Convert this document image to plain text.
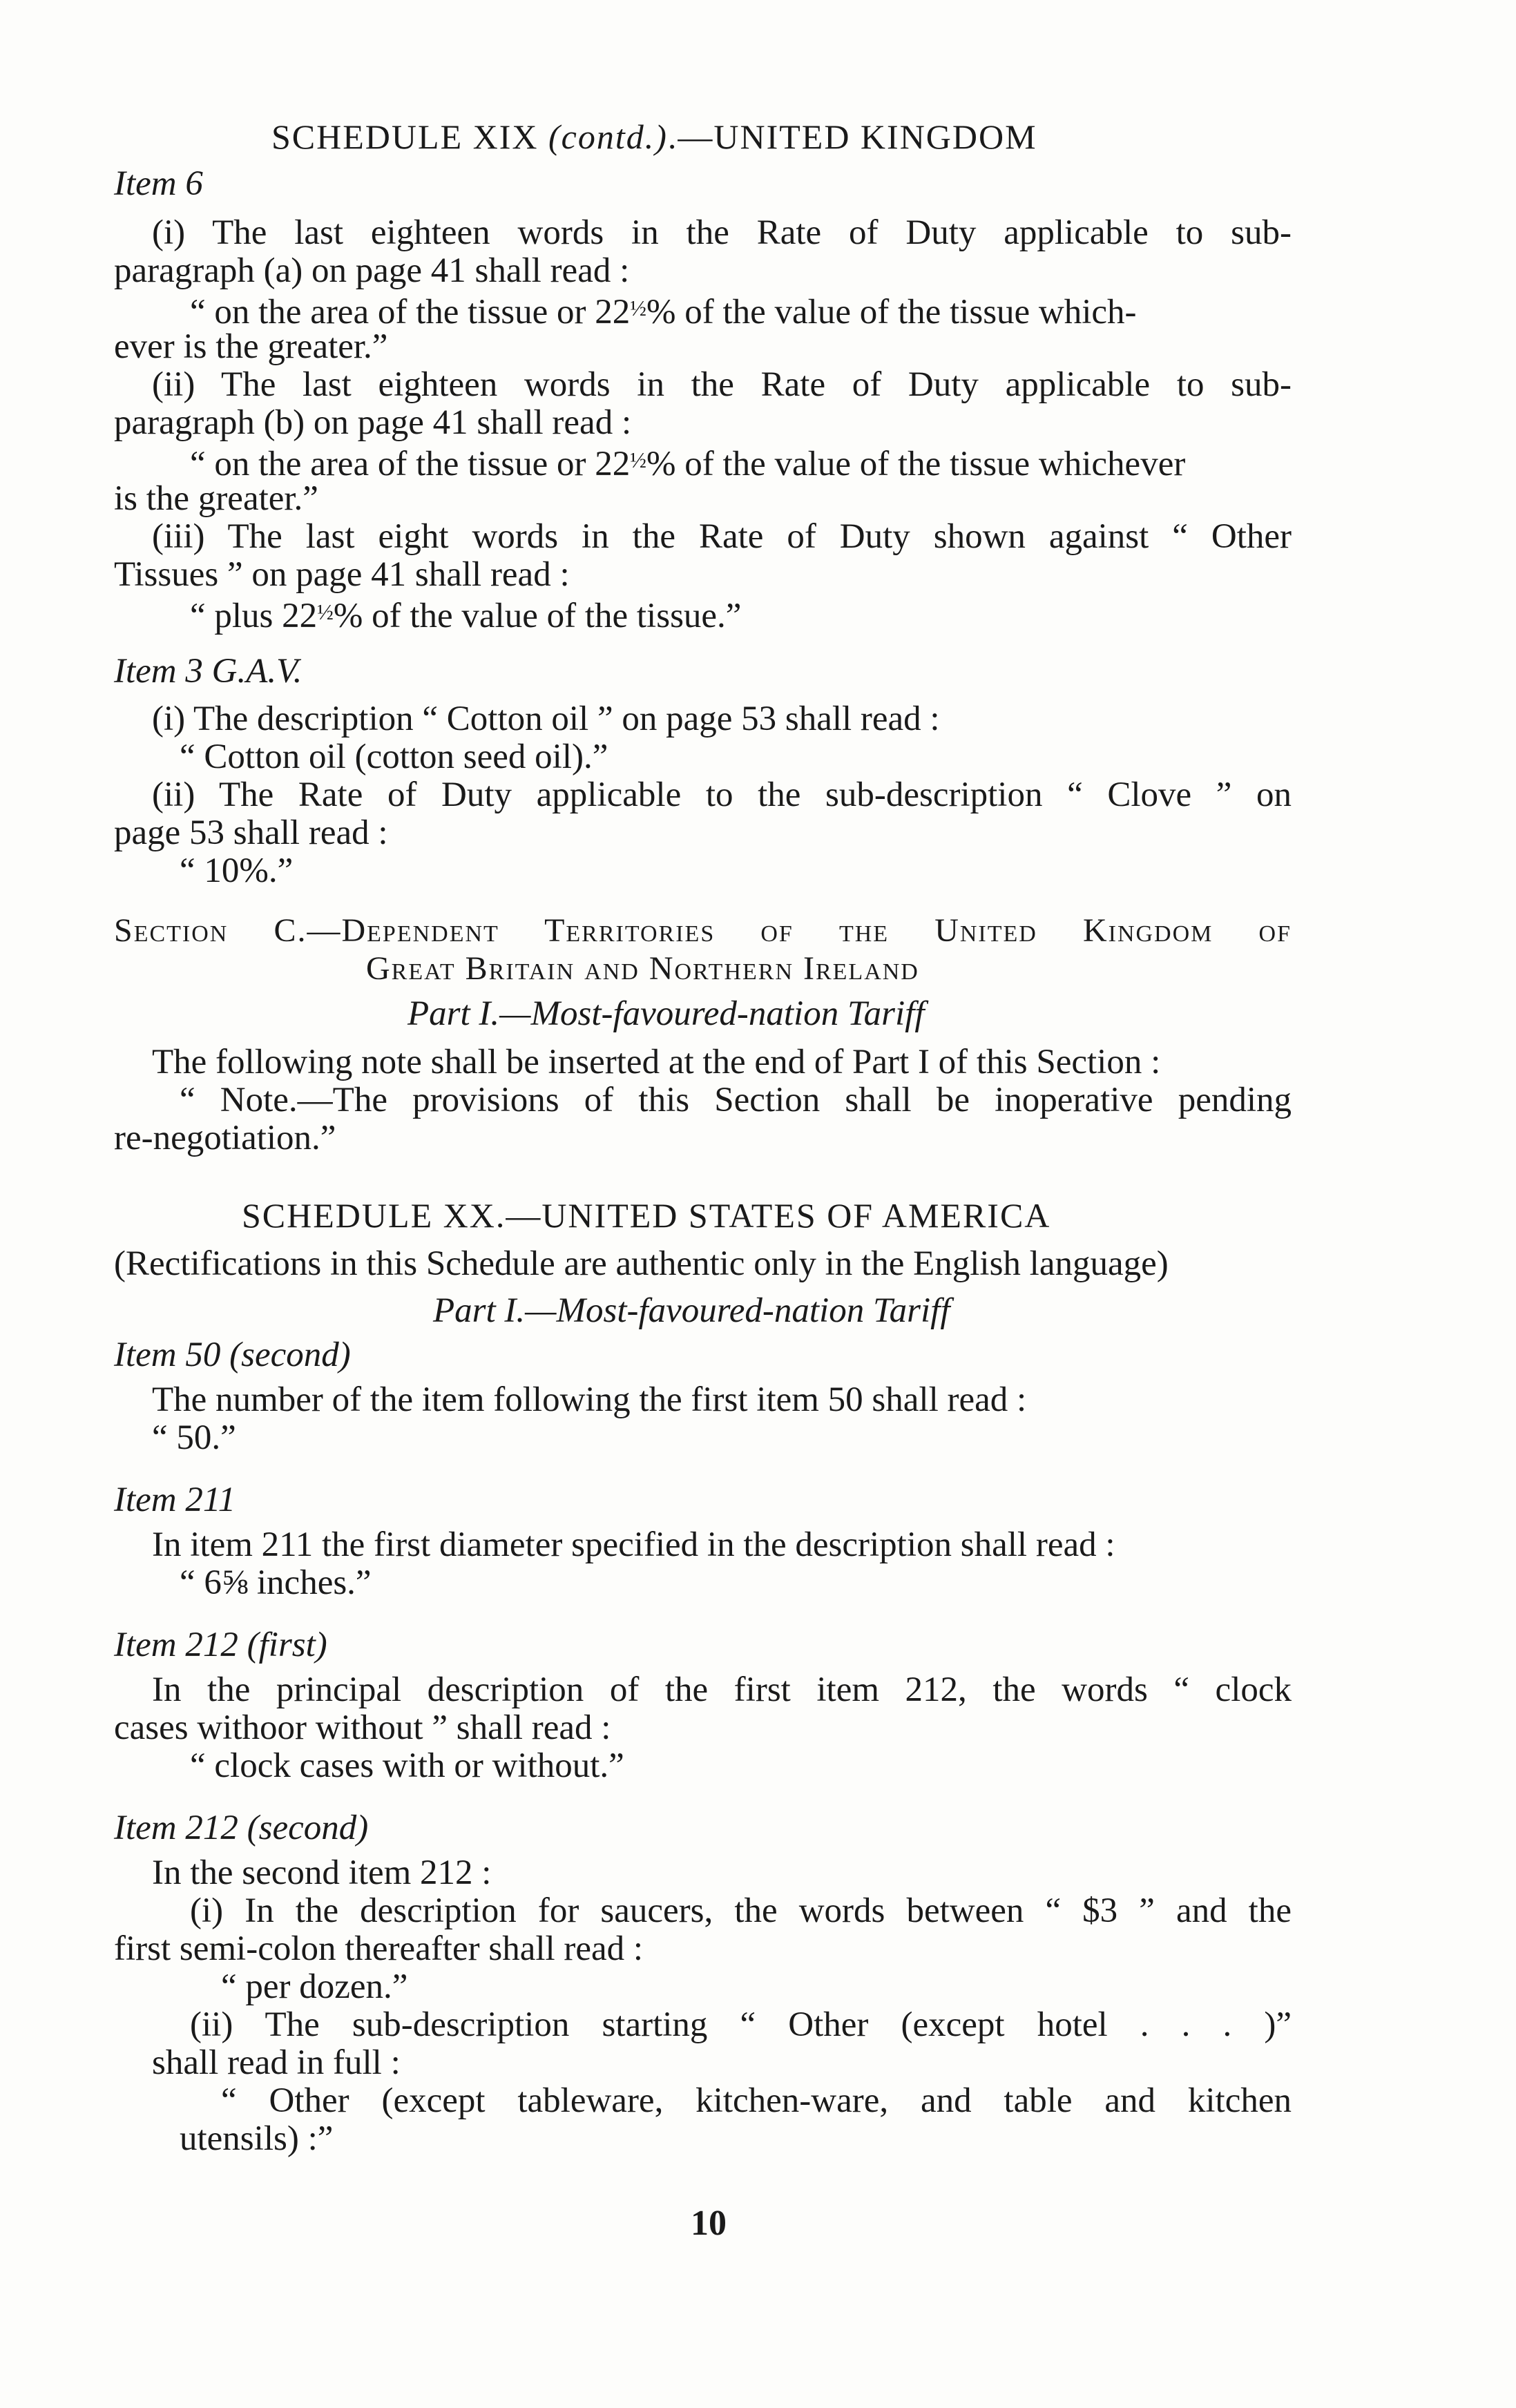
SCHEDULE XIX (contd.).—UNITED KINGDOM
Item 6
(i) The last eighteen words in the Rate of Duty applicable to sub-
paragraph (a) on page 41 shall read :
“ on the area of the tissue or $22^{\frac{1}{2}}\%$ of the value of the tissue which-
ever is the greater.”
(ii) The last eighteen words in the Rate of Duty applicable to sub-
paragraph (b) on page 41 shall read :
“ on the area of the tissue or $22^{\frac{1}{2}}\%$ of the value of the tissue whichever
is the greater.”
(iii) The last eight words in the Rate of Duty shown against “ Other
Tissues ” on page 41 shall read :
“ plus $22^{\frac{1}{2}}\%$ of the value of the tissue.”
Item 3 G.A.V.
(i) The description “ Cotton oil ” on page 53 shall read :
“ Cotton oil (cotton seed oil).”
(ii) The Rate of Duty applicable to the sub-description “ Clove ” on
page 53 shall read :
“ 10%.”
Section C.—Dependent Territories of the United Kingdom of
Great Britain and Northern Ireland
Part I.—Most-favoured-nation Tariff
The following note shall be inserted at the end of Part I of this Section :
“ Note.—The provisions of this Section shall be inoperative pending
re-negotiation.”
SCHEDULE XX.—UNITED STATES OF AMERICA
(Rectifications in this Schedule are authentic only in the English language)
Part I.—Most-favoured-nation Tariff
Item 50 (second)
The number of the item following the first item 50 shall read :
“ 50.”
Item 211
In item 211 the first diameter specified in the description shall read :
“ 6⅝ inches.”
Item 212 (first)
In the principal description of the first item 212, the words “ clock
cases withoor without ” shall read :
“ clock cases with or without.”
Item 212 (second)
In the second item 212 :
(i) In the description for saucers, the words between “ $3 ” and the
first semi-colon thereafter shall read :
“ per dozen.”
(ii) The sub-description starting “ Other (except hotel . . . )”
shall read in full :
“ Other (except tableware, kitchen-ware, and table and kitchen
utensils) :”
10
